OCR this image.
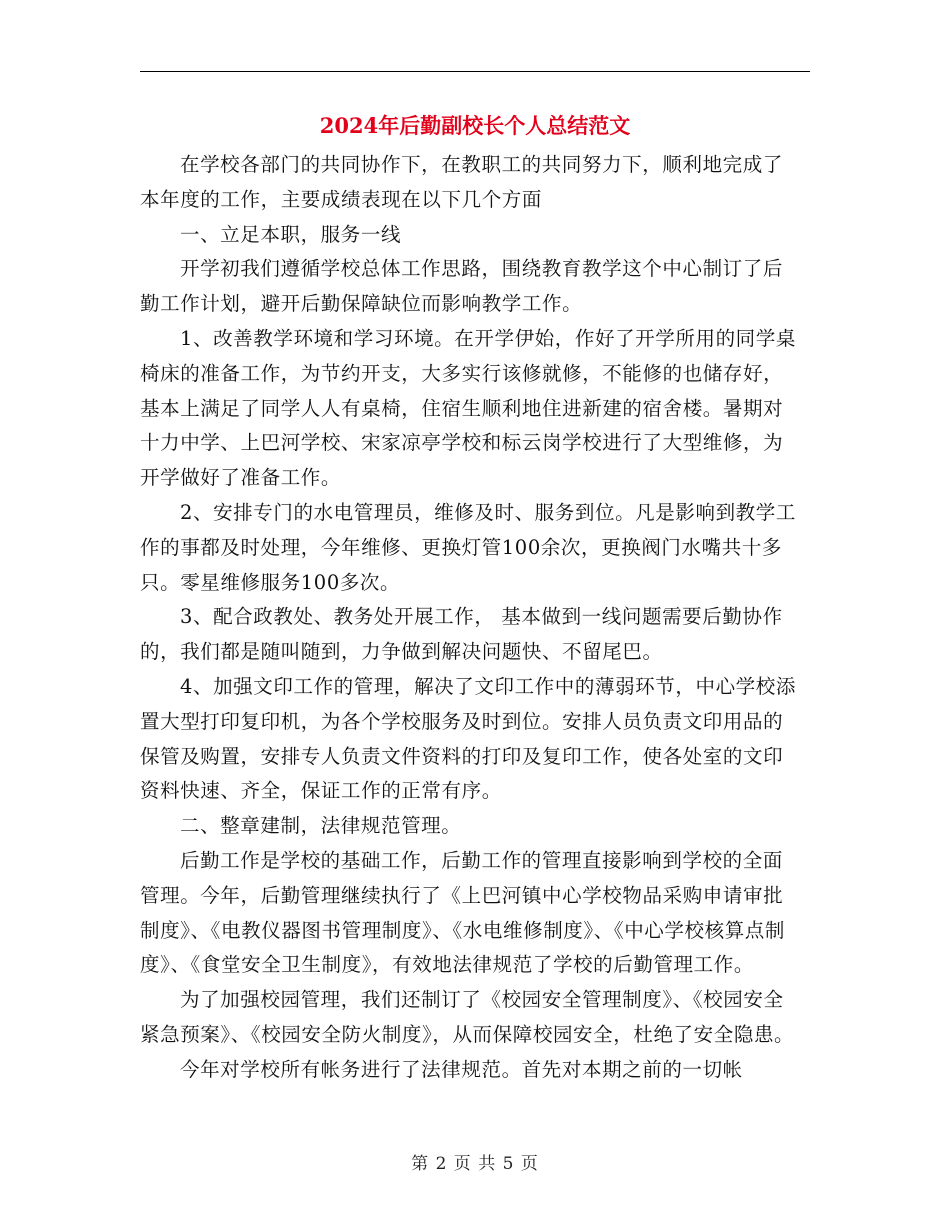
2024年后勤副校长个人总结范文

在学校各部门的共同协作下，在教职工的共同努力下，顺利地完成了本年度的工作，主要成绩表现在以下几个方面

一、立足本职，服务一线

开学初我们遵循学校总体工作思路，围绕教育教学这个中心制订了后勤工作计划，避开后勤保障缺位而影响教学工作。

1、改善教学环境和学习环境。在开学伊始，作好了开学所用的同学桌椅床的准备工作，为节约开支，大多实行该修就修，不能修的也储存好，基本上满足了同学人人有桌椅，住宿生顺利地住进新建的宿舍楼。暑期对十力中学、上巴河学校、宋家凉亭学校和标云岗学校进行了大型维修，为开学做好了准备工作。

2、安排专门的水电管理员，维修及时、服务到位。凡是影响到教学工作的事都及时处理，今年维修、更换灯管100余次，更换阀门水嘴共十多只。零星维修服务100多次。

3、配合政教处、教务处开展工作， 基本做到一线问题需要后勤协作的，我们都是随叫随到，力争做到解决问题快、不留尾巴。

4、加强文印工作的管理，解决了文印工作中的薄弱环节，中心学校添置大型打印复印机，为各个学校服务及时到位。安排人员负责文印用品的保管及购置，安排专人负责文件资料的打印及复印工作，使各处室的文印资料快速、齐全，保证工作的正常有序。

二、整章建制，法律规范管理。

后勤工作是学校的基础工作，后勤工作的管理直接影响到学校的全面管理。今年，后勤管理继续执行了《上巴河镇中心学校物品采购申请审批制度》、《电教仪器图书管理制度》、《水电维修制度》、《中心学校核算点制度》、《食堂安全卫生制度》，有效地法律规范了学校的后勤管理工作。

为了加强校园管理，我们还制订了《校园安全管理制度》、《校园安全紧急预案》、《校园安全防火制度》，从而保障校园安全，杜绝了安全隐患。

今年对学校所有帐务进行了法律规范。首先对本期之前的一切帐

第 2 页 共 5 页
